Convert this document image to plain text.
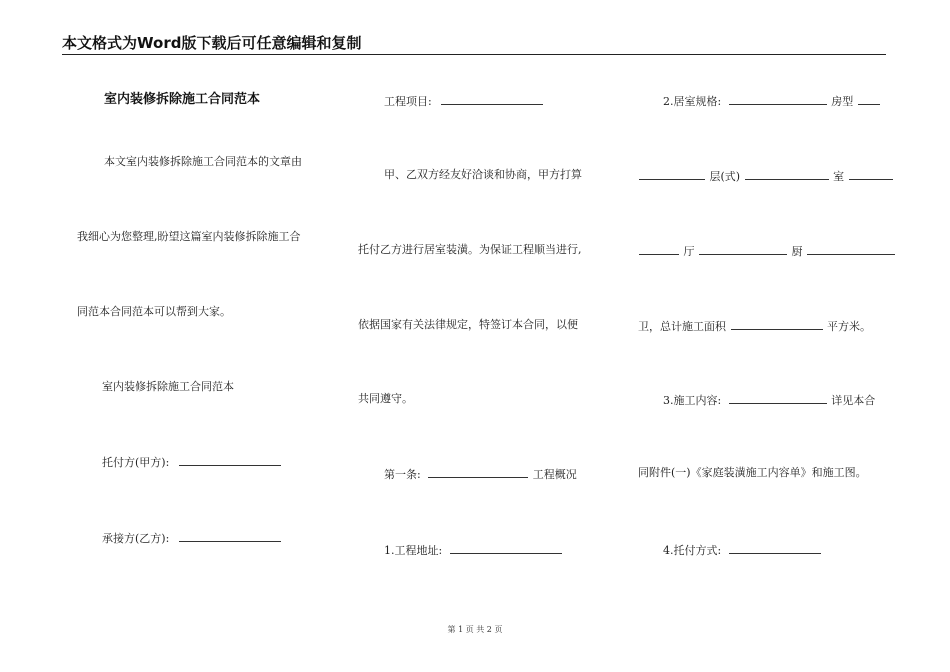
本文格式为Word版下载后可任意编辑和复制
室内装修拆除施工合同范本
本文室内装修拆除施工合同范本的文章由
我细心为您整理,盼望这篇室内装修拆除施工合
同范本合同范本可以帮到大家。
室内装修拆除施工合同范本
托付方(甲方):
承接方(乙方):
工程项目:
甲、乙双方经友好洽谈和协商，甲方打算
托付乙方进行居室装潢。为保证工程顺当进行,
依据国家有关法律规定，特签订本合同，以便
共同遵守。
第一条:	工程概况
1.工程地址:
2.居室规格:	房型
层(式)	室
厅	厨
卫，总计施工面积	平方米。
3.施工内容:	详见本合
同附件(一)《家庭装潢施工内容单》和施工图。
4.托付方式:
第 1 页 共 2 页
